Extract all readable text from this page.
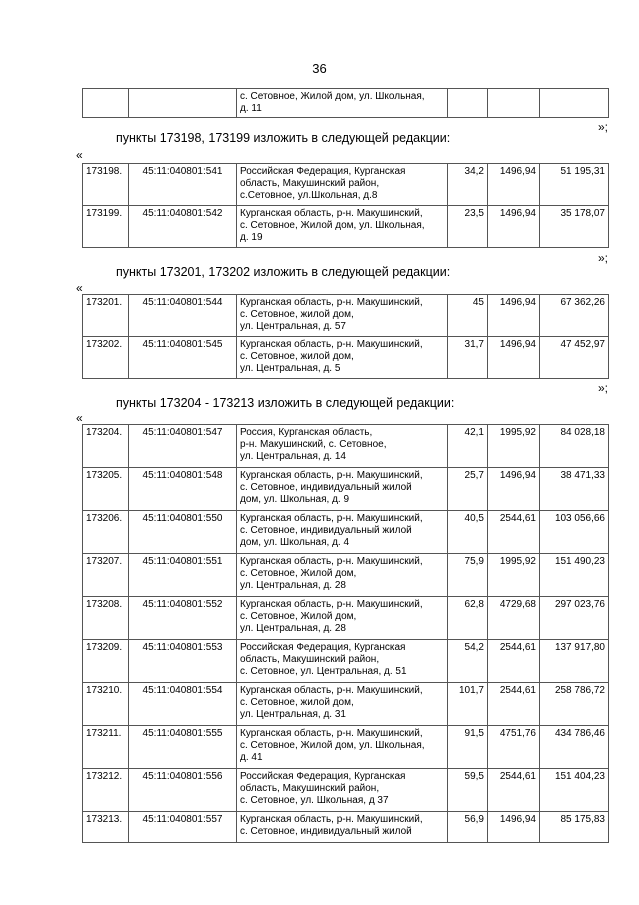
36

с. Сетовное, Жилой дом, ул. Школьная,
д. 11

»;
пункты 173198, 173199 изложить в следующей редакции:
«
173198.	45:11:040801:541	Российская Федерация, Курганская
область, Макушинский район,
с.Сетовное, ул.Школьная, д.8	34,2	1496,94	51 195,31
173199.	45:11:040801:542	Курганская область, р-н. Макушинский,
с. Сетовное, Жилой дом, ул. Школьная,
д. 19	23,5	1496,94	35 178,07
»;
пункты 173201, 173202 изложить в следующей редакции:
«
173201.	45:11:040801:544	Курганская область, р-н. Макушинский,
с. Сетовное, жилой дом,
ул. Центральная, д. 57	45	1496,94	67 362,26
173202.	45:11:040801:545	Курганская область, р-н. Макушинский,
с. Сетовное, жилой дом,
ул. Центральная, д. 5	31,7	1496,94	47 452,97
»;
пункты 173204 - 173213 изложить в следующей редакции:
«
173204.	45:11:040801:547	Россия, Курганская область,
р-н. Макушинский, с. Сетовное,
ул. Центральная, д. 14	42,1	1995,92	84 028,18
173205.	45:11:040801:548	Курганская область, р-н. Макушинский,
с. Сетовное, индивидуальный жилой
дом, ул. Школьная, д. 9	25,7	1496,94	38 471,33
173206.	45:11:040801:550	Курганская область, р-н. Макушинский,
с. Сетовное, индивидуальный жилой
дом, ул. Школьная, д. 4	40,5	2544,61	103 056,66
173207.	45:11:040801:551	Курганская область, р-н. Макушинский,
с. Сетовное, Жилой дом,
ул. Центральная, д. 28	75,9	1995,92	151 490,23
173208.	45:11:040801:552	Курганская область, р-н. Макушинский,
с. Сетовное, Жилой дом,
ул. Центральная, д. 28	62,8	4729,68	297 023,76
173209.	45:11:040801:553	Российская Федерация, Курганская
область, Макушинский район,
с. Сетовное, ул. Центральная, д. 51	54,2	2544,61	137 917,80
173210.	45:11:040801:554	Курганская область, р-н. Макушинский,
с. Сетовное, жилой дом,
ул. Центральная, д. 31	101,7	2544,61	258 786,72
173211.	45:11:040801:555	Курганская область, р-н. Макушинский,
с. Сетовное, Жилой дом, ул. Школьная,
д. 41	91,5	4751,76	434 786,46
173212.	45:11:040801:556	Российская Федерация, Курганская
область, Макушинский район,
с. Сетовное, ул. Школьная, д 37	59,5	2544,61	151 404,23
173213.	45:11:040801:557	Курганская область, р-н. Макушинский,
с. Сетовное, индивидуальный жилой	56,9	1496,94	85 175,83
